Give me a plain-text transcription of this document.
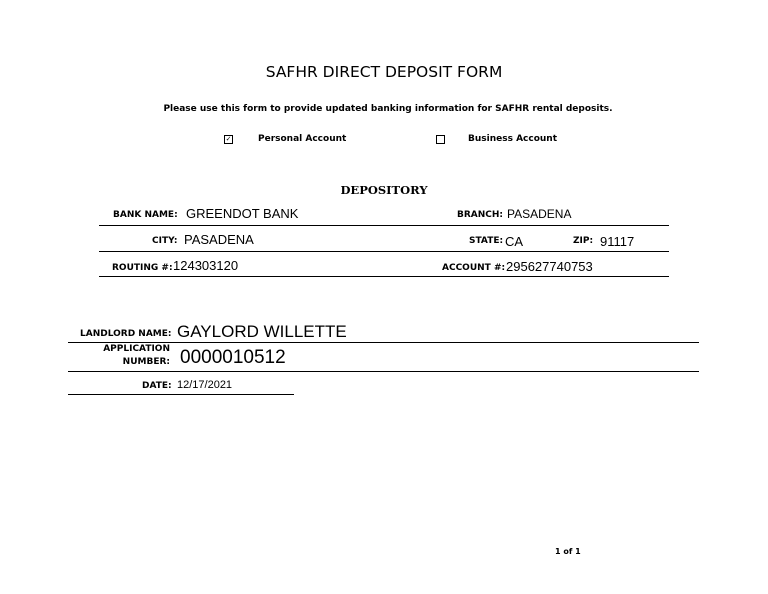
SAFHR DIRECT DEPOSIT FORM
Please use this form to provide updated banking information for SAFHR rental deposits.
✓	Personal Account	Business Account
DEPOSITORY
BANK NAME: GREENDOT BANK	BRANCH: PASADENA
CITY: PASADENA	STATE: CA	ZIP: 91117
ROUTING #: 124303120	ACCOUNT #: 295627740753
LANDLORD NAME: GAYLORD WILLETTE
APPLICATION
NUMBER: 0000010512
DATE: 12/17/2021
1 of 1
